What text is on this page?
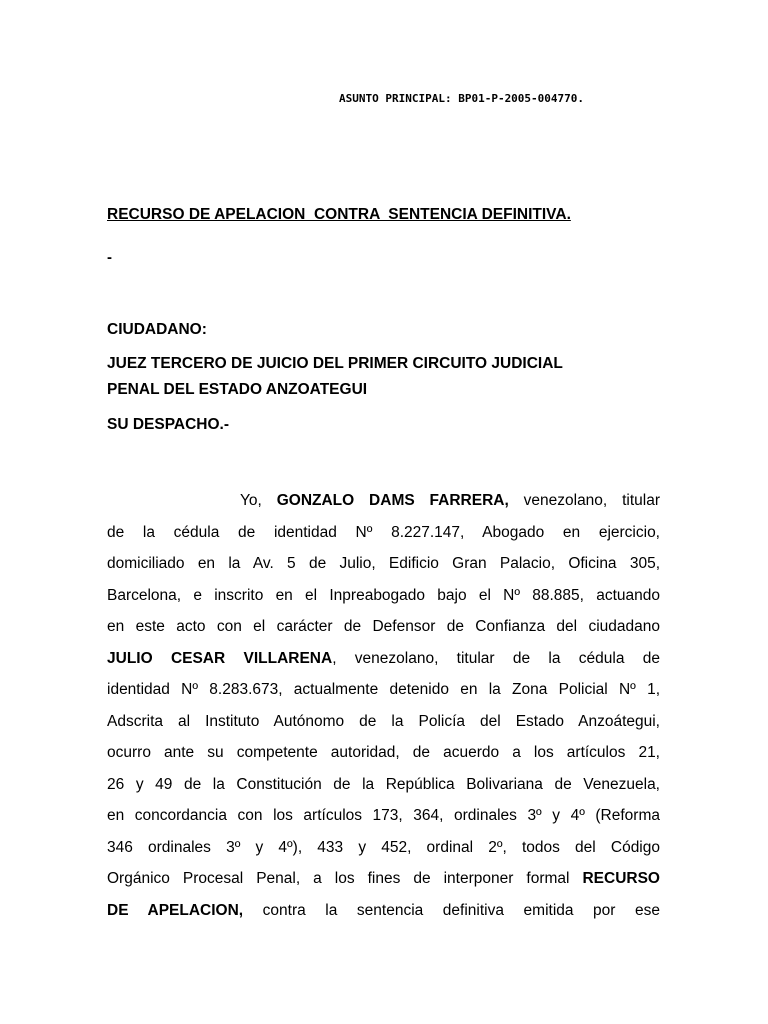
ASUNTO PRINCIPAL: BP01-P-2005-004770.
RECURSO DE APELACION  CONTRA  SENTENCIA DEFINITIVA.
-
CIUDADANO:
JUEZ TERCERO DE JUICIO DEL PRIMER CIRCUITO JUDICIAL
PENAL DEL ESTADO ANZOATEGUI
SU DESPACHO.-
Yo, GONZALO DAMS FARRERA, venezolano, titular
de la cédula de identidad Nº 8.227.147, Abogado en ejercicio,
domiciliado en la Av. 5 de Julio, Edificio Gran Palacio, Oficina 305,
Barcelona, e inscrito en el Inpreabogado bajo el Nº 88.885, actuando
en este acto con el carácter de Defensor de Confianza del ciudadano
JULIO CESAR VILLARENA, venezolano, titular de la cédula de
identidad Nº 8.283.673, actualmente detenido en la Zona Policial Nº 1,
Adscrita al Instituto Autónomo de la Policía del Estado Anzoátegui,
ocurro ante su competente autoridad, de acuerdo a los artículos 21,
26 y 49 de la Constitución de la República Bolivariana de Venezuela,
en concordancia con los artículos 173, 364, ordinales 3º y 4º (Reforma
346 ordinales 3º y 4º), 433 y 452, ordinal 2º, todos del Código
Orgánico Procesal Penal, a los fines de interponer formal RECURSO
DE APELACION, contra la sentencia definitiva emitida por ese
